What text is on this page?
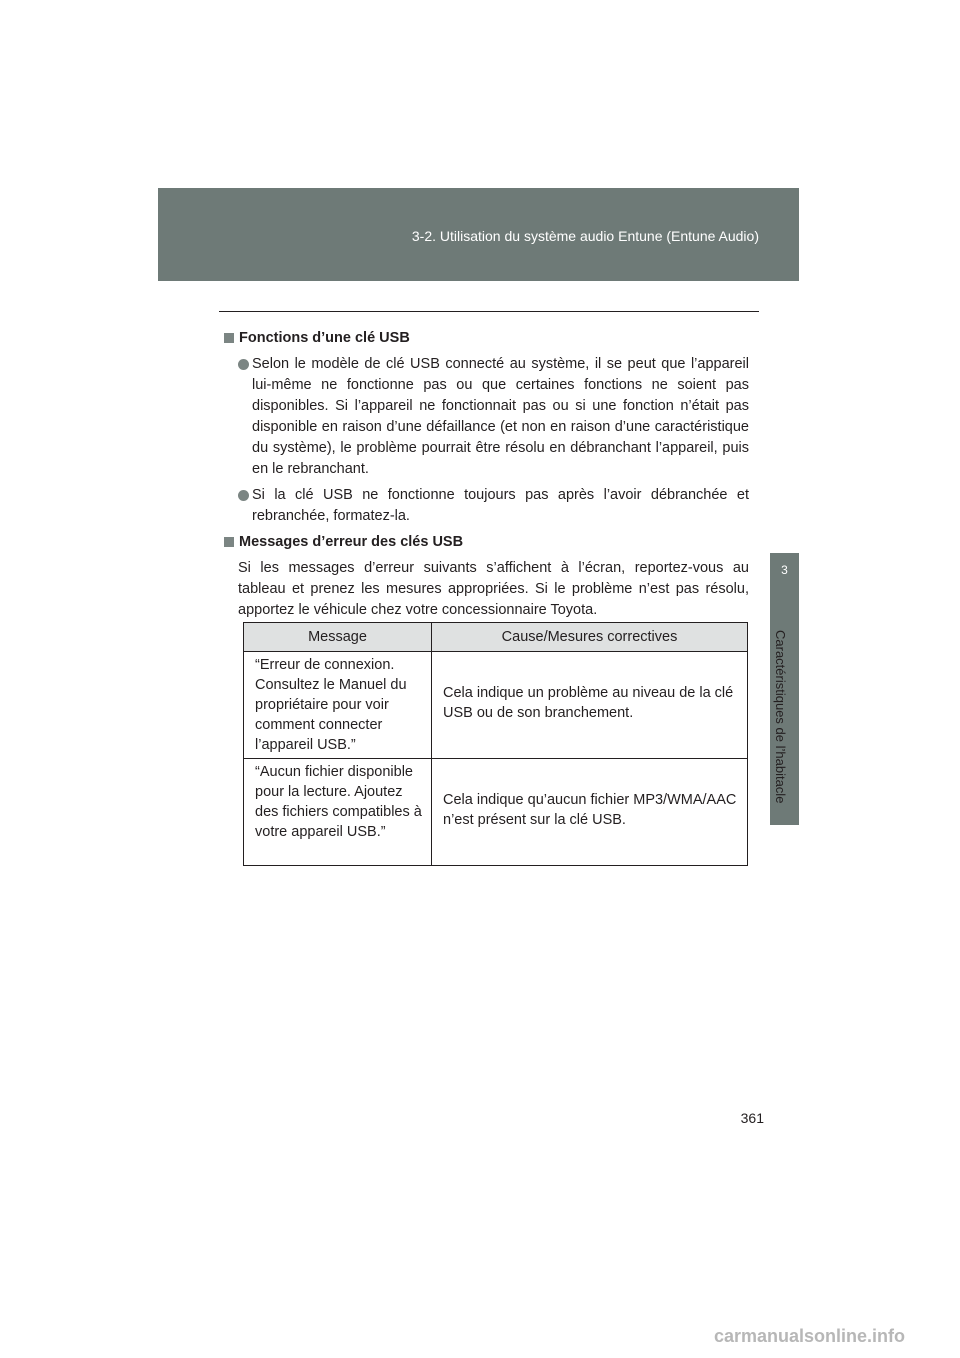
3-2. Utilisation du système audio Entune (Entune Audio)
3
Caractéristiques de l’habitacle
Fonctions d’une clé USB
Selon le modèle de clé USB connecté au système, il se peut que l’appareil lui-même ne fonctionne pas ou que certaines fonctions ne soient pas disponibles. Si l’appareil ne fonctionnait pas ou si une fonction n’était pas disponible en raison d’une défaillance (et non en raison d’une caractéristique du système), le problème pourrait être résolu en débranchant l’appareil, puis en le rebranchant.
Si la clé USB ne fonctionne toujours pas après l’avoir débranchée et rebranchée, formatez-la.
Messages d’erreur des clés USB
Si les messages d’erreur suivants s’affichent à l’écran, reportez-vous au tableau et prenez les mesures appropriées. Si le problème n’est pas résolu, apportez le véhicule chez votre concessionnaire Toyota.
Message	Cause/Mesures correctives
“Erreur de connexion. Consultez le Manuel du propriétaire pour voir comment connecter l’appareil USB.”
Cela indique un problème au niveau de la clé USB ou de son branchement.
“Aucun fichier disponible pour la lecture. Ajoutez des fichiers compatibles à votre appareil USB.”
Cela indique qu’aucun fichier MP3/WMA/AAC n’est présent sur la clé USB.
361
carmanualsonline.info
